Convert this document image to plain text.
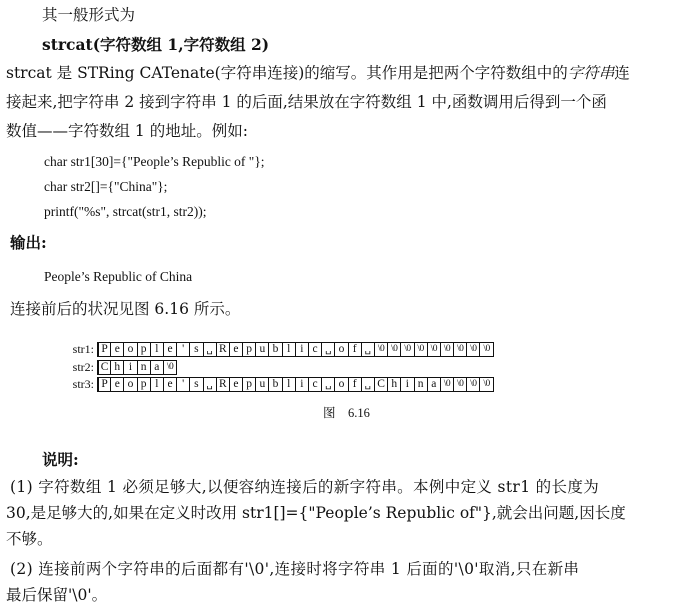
其一般形式为
strcat(字符数组 1,字符数组 2)
strcat 是 STRing CATenate(字符串连接)的缩写。其作用是把两个字符数组中的字符串连
接起来,把字符串 2 接到字符串 1 的后面,结果放在字符数组 1 中,函数调用后得到一个函
数值——字符数组 1 的地址。例如:
char str1[30]={"People’s Republic of "};
char str2[]={"China"};
printf("%s", strcat(str1, str2));
输出:
People’s Republic of China
连接前后的状况见图 6.16 所示。
str1: P e o p l e ' s ␣ R e p u b l i c ␣ o f ␣ \0 \0 \0 \0 \0 \0 \0 \0 \0
str2: C h i n a \0
str3: P e o p l e ' s ␣ R e p u b l i c ␣ o f ␣ C h i n a \0 \0 \0 \0
图    6.16
说明:
(1) 字符数组 1 必须足够大,以便容纳连接后的新字符串。本例中定义 str1 的长度为
30,是足够大的,如果在定义时改用 str1[]={"People’s Republic of"},就会出问题,因长度
不够。
(2) 连接前两个字符串的后面都有'\0',连接时将字符串 1 后面的'\0'取消,只在新串
最后保留'\0'。
